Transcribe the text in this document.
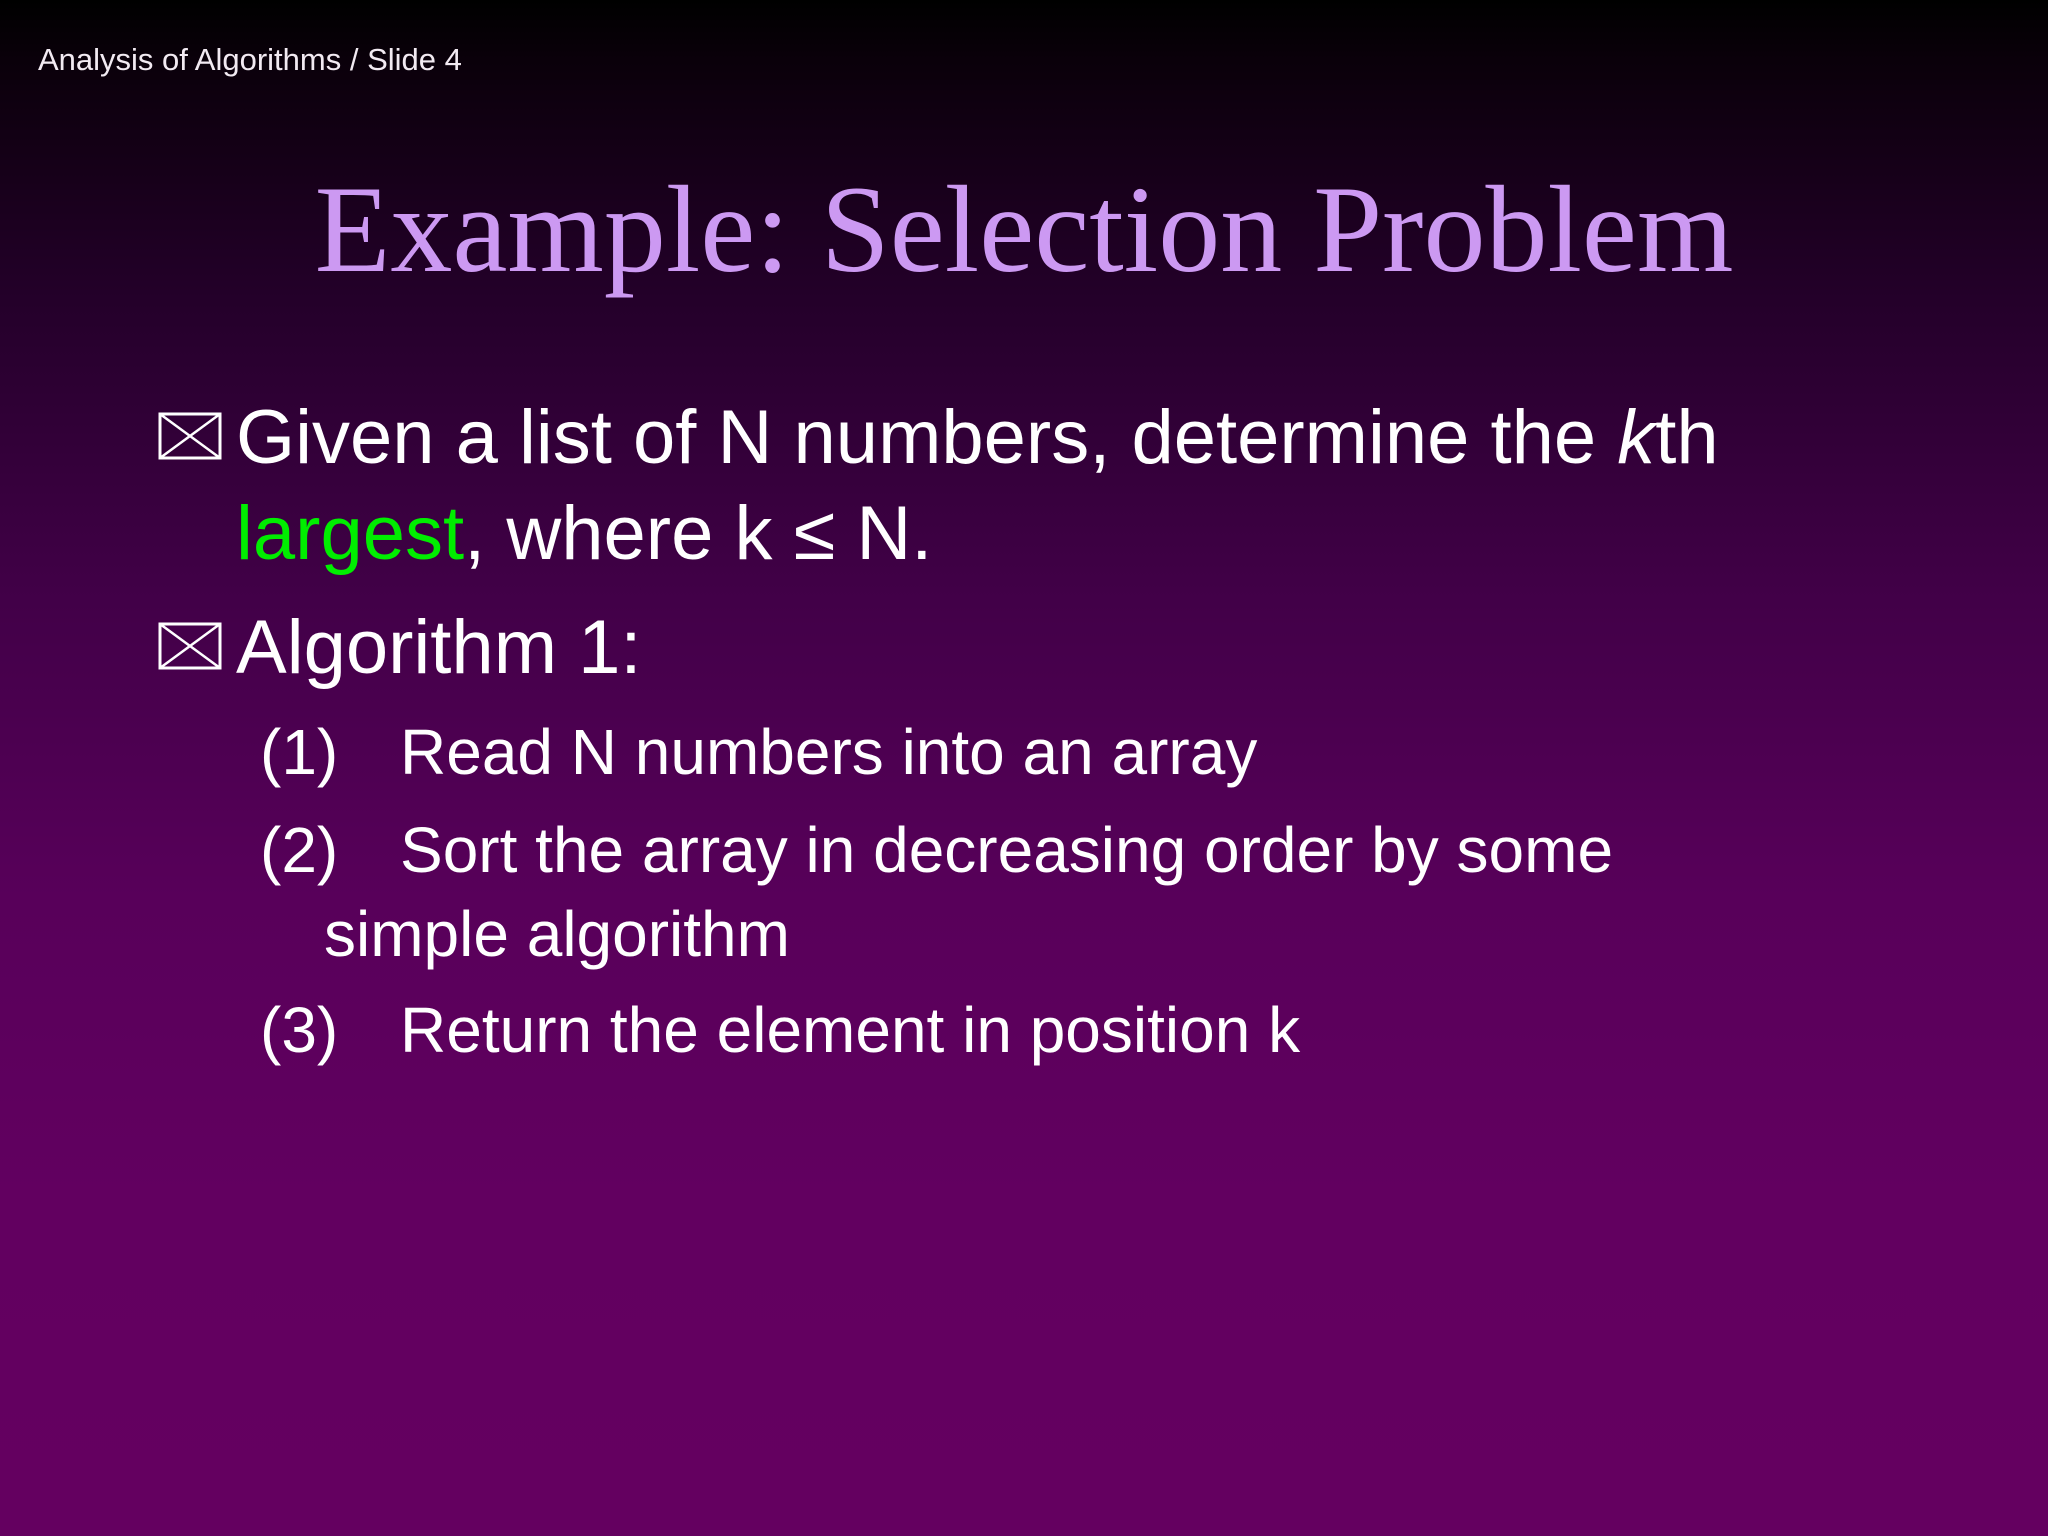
Analysis of Algorithms / Slide 4
Example: Selection Problem
Given a list of N numbers, determine the kth
largest, where k ≤ N.
Algorithm 1:
(1) Read N numbers into an array
(2) Sort the array in decreasing order by some
simple algorithm
(3) Return the element in position k
